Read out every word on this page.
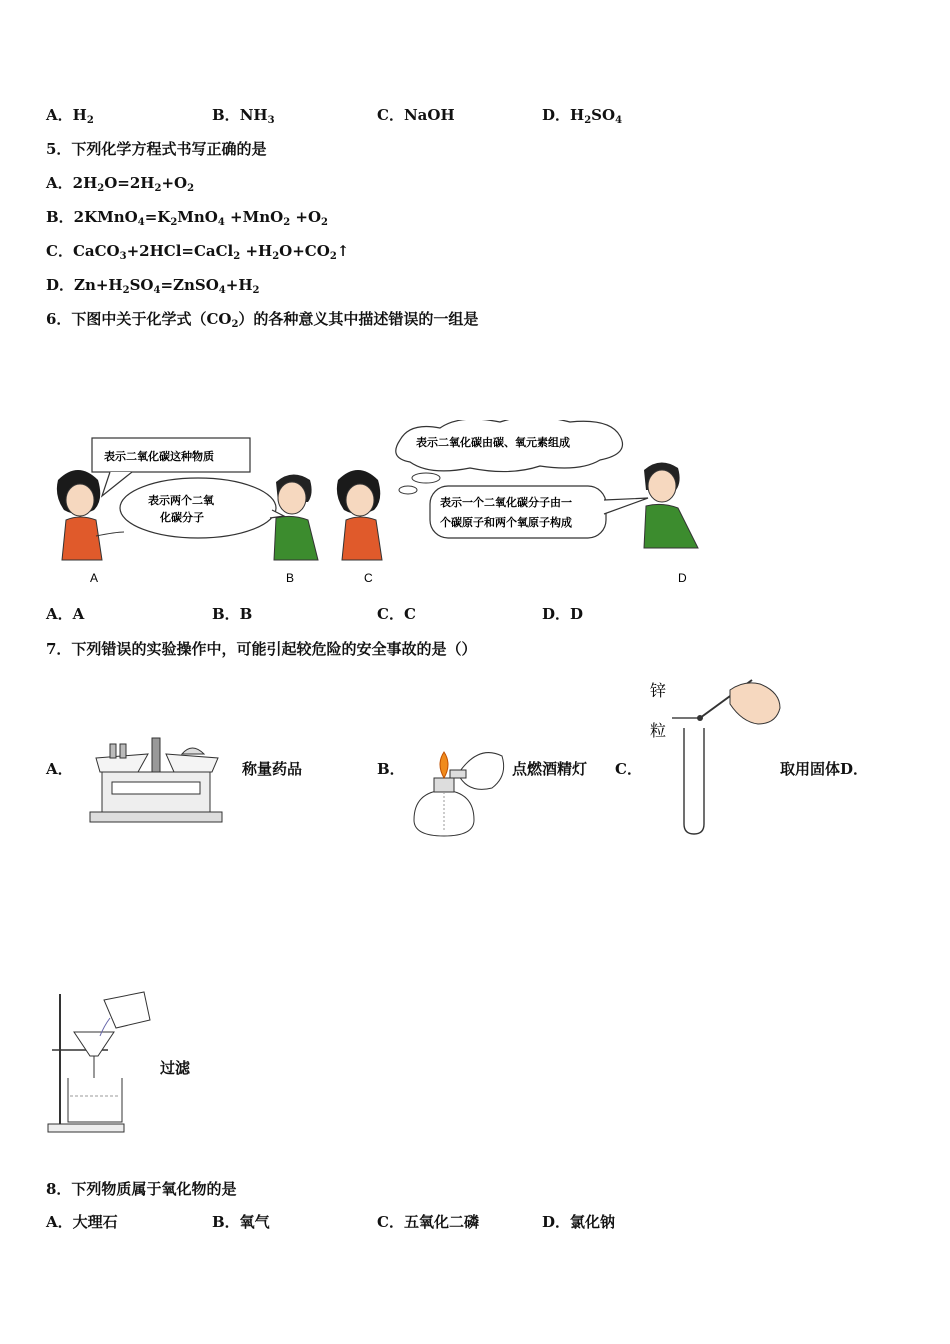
A．$H_2$	B．$NH_3$	C．NaOH	D．$H_2SO_4$
5．下列化学方程式书写正确的是
A．$2H_2O=2H_2+O_2$
B．$2KMnO_4=K_2MnO_4 +MnO_2 +O_2$
C．CaCO$_3$+2HCl=CaCl$_2$ $+H_2O+CO_2↑$
D．$Zn+H_2SO_4=ZnSO_4+H_2$
6．下图中关于化学式$(CO_2)$的各种意义其中描述错误的一组是
表示二氧化碳这种物质
表示两个二氧
化碳分子
表示二氧化碳由碳、氧元素组成
表示一个二氧化碳分子由一
个碳原子和两个氧原子构成
A	B	C	D
A．A	B．B	C．C	D．D
7．下列错误的实验操作中，可能引起较危险的安全事故的是（）
A．	称量药品	B．	点燃酒精灯 C．
锌
粒
取用固体D．
过滤
8．下列物质属于氧化物的是
A．大理石	B．氧气	C．五氧化二磷	D．氯化钠
